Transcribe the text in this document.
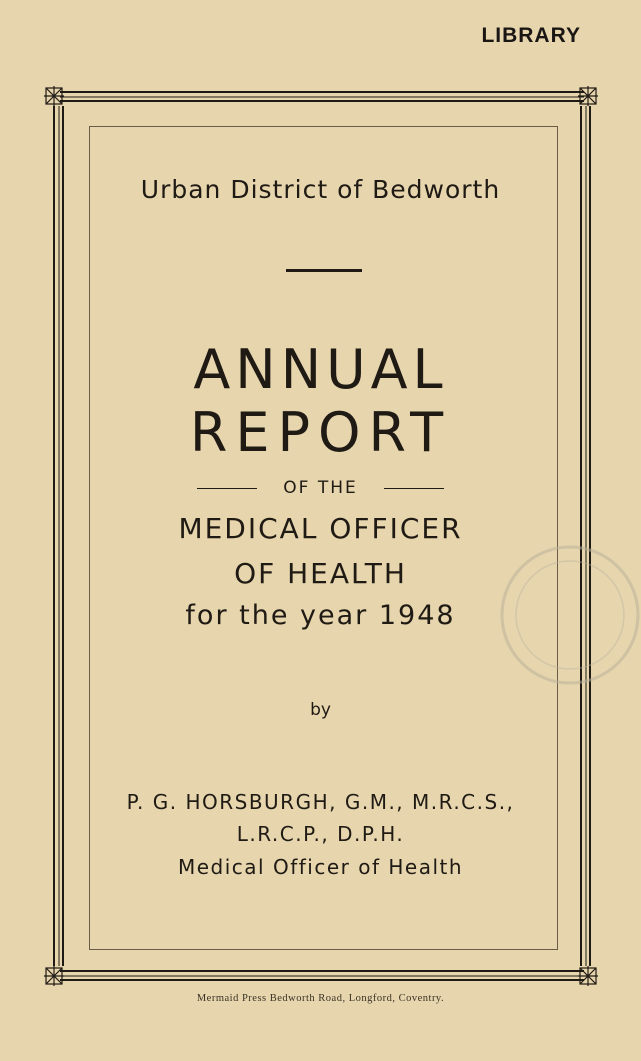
LIBRARY
Urban District of Bedworth
ANNUAL
REPORT
OF THE
MEDICAL OFFICER
OF HEALTH
for the year 1948
by
P. G. HORSBURGH, G.M., M.R.C.S.,
L.R.C.P., D.P.H.
Medical Officer of Health
Mermaid Press Bedworth Road, Longford, Coventry.
